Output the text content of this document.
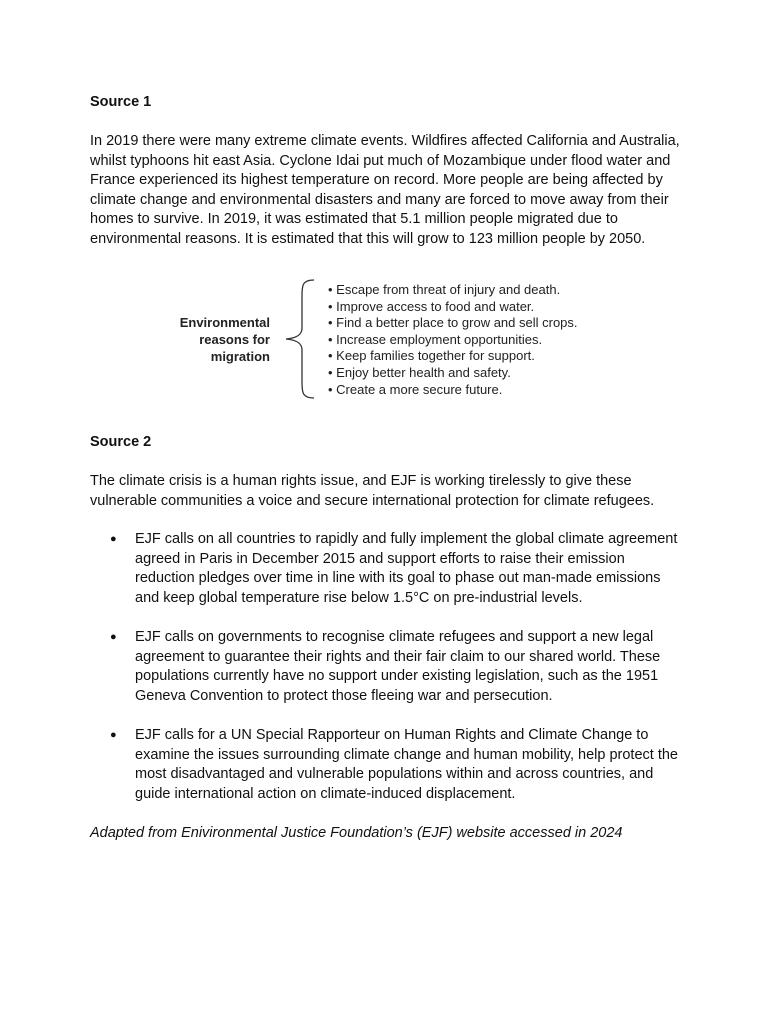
Source 1
In 2019 there were many extreme climate events. Wildfires affected California and Australia, whilst typhoons hit east Asia. Cyclone Idai put much of Mozambique under flood water and France experienced its highest temperature on record. More people are being affected by climate change and environmental disasters and many are forced to move away from their homes to survive. In 2019, it was estimated that 5.1 million people migrated due to environmental reasons. It is estimated that this will grow to 123 million people by 2050.
Environmental
reasons for
migration
• Escape from threat of injury and death.
• Improve access to food and water.
• Find a better place to grow and sell crops.
• Increase employment opportunities.
• Keep families together for support.
• Enjoy better health and safety.
• Create a more secure future.
Source 2
The climate crisis is a human rights issue, and EJF is working tirelessly to give these vulnerable communities a voice and secure international protection for climate refugees.
● EJF calls on all countries to rapidly and fully implement the global climate agreement agreed in Paris in December 2015 and support efforts to raise their emission reduction pledges over time in line with its goal to phase out man-made emissions and keep global temperature rise below 1.5°C on pre-industrial levels.
● EJF calls on governments to recognise climate refugees and support a new legal agreement to guarantee their rights and their fair claim to our shared world. These populations currently have no support under existing legislation, such as the 1951 Geneva Convention to protect those fleeing war and persecution.
● EJF calls for a UN Special Rapporteur on Human Rights and Climate Change to examine the issues surrounding climate change and human mobility, help protect the most disadvantaged and vulnerable populations within and across countries, and guide international action on climate-induced displacement.
Adapted from Enivironmental Justice Foundation’s (EJF) website accessed in 2024
